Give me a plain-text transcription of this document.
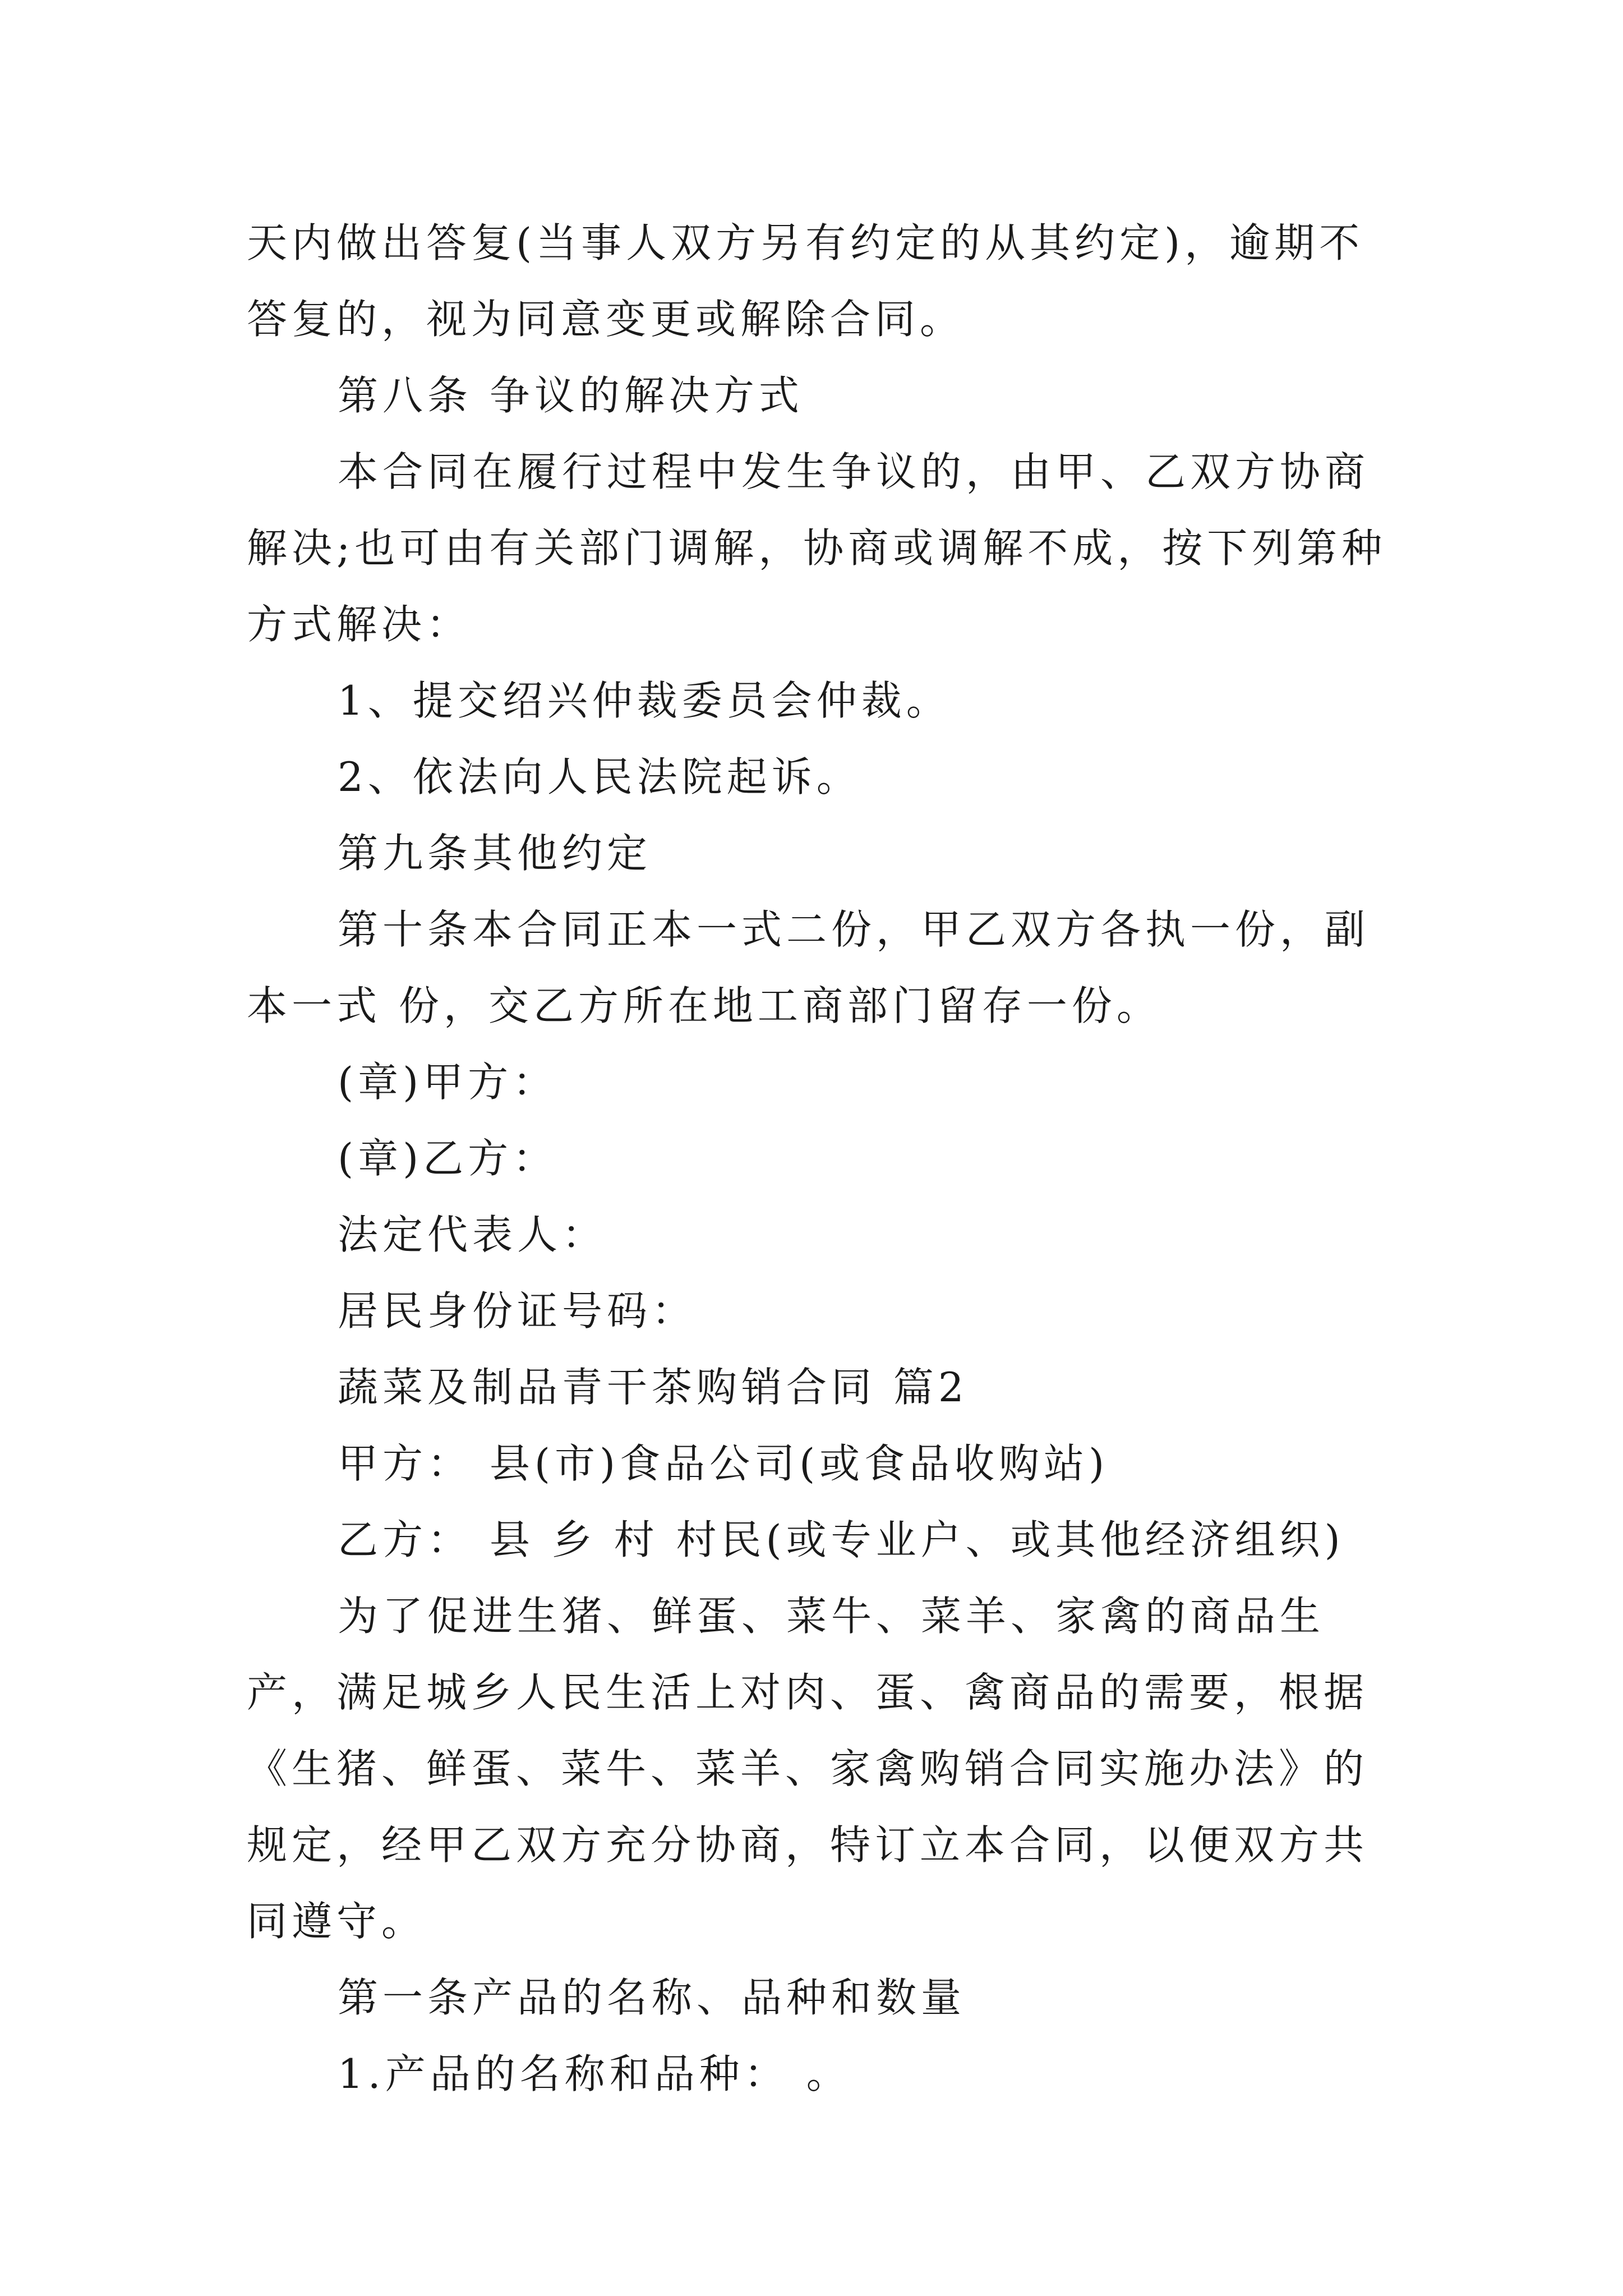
天内做出答复(当事人双方另有约定的从其约定)，逾期不答复的，视为同意变更或解除合同。

第八条 争议的解决方式

本合同在履行过程中发生争议的，由甲、乙双方协商解决;也可由有关部门调解，协商或调解不成，按下列第种方式解决：

1、提交绍兴仲裁委员会仲裁。

2、依法向人民法院起诉。

第九条其他约定

第十条本合同正本一式二份，甲乙双方各执一份，副本一式 份，交乙方所在地工商部门留存一份。

(章)甲方：

(章)乙方：

法定代表人：

居民身份证号码：

蔬菜及制品青干茶购销合同 篇2

甲方： 县(市)食品公司(或食品收购站)

乙方： 县 乡 村 村民(或专业户、或其他经济组织)

为了促进生猪、鲜蛋、菜牛、菜羊、家禽的商品生产，满足城乡人民生活上对肉、蛋、禽商品的需要，根据《生猪、鲜蛋、菜牛、菜羊、家禽购销合同实施办法》的规定，经甲乙双方充分协商，特订立本合同，以便双方共同遵守。

第一条产品的名称、品种和数量

1.产品的名称和品种： 。
